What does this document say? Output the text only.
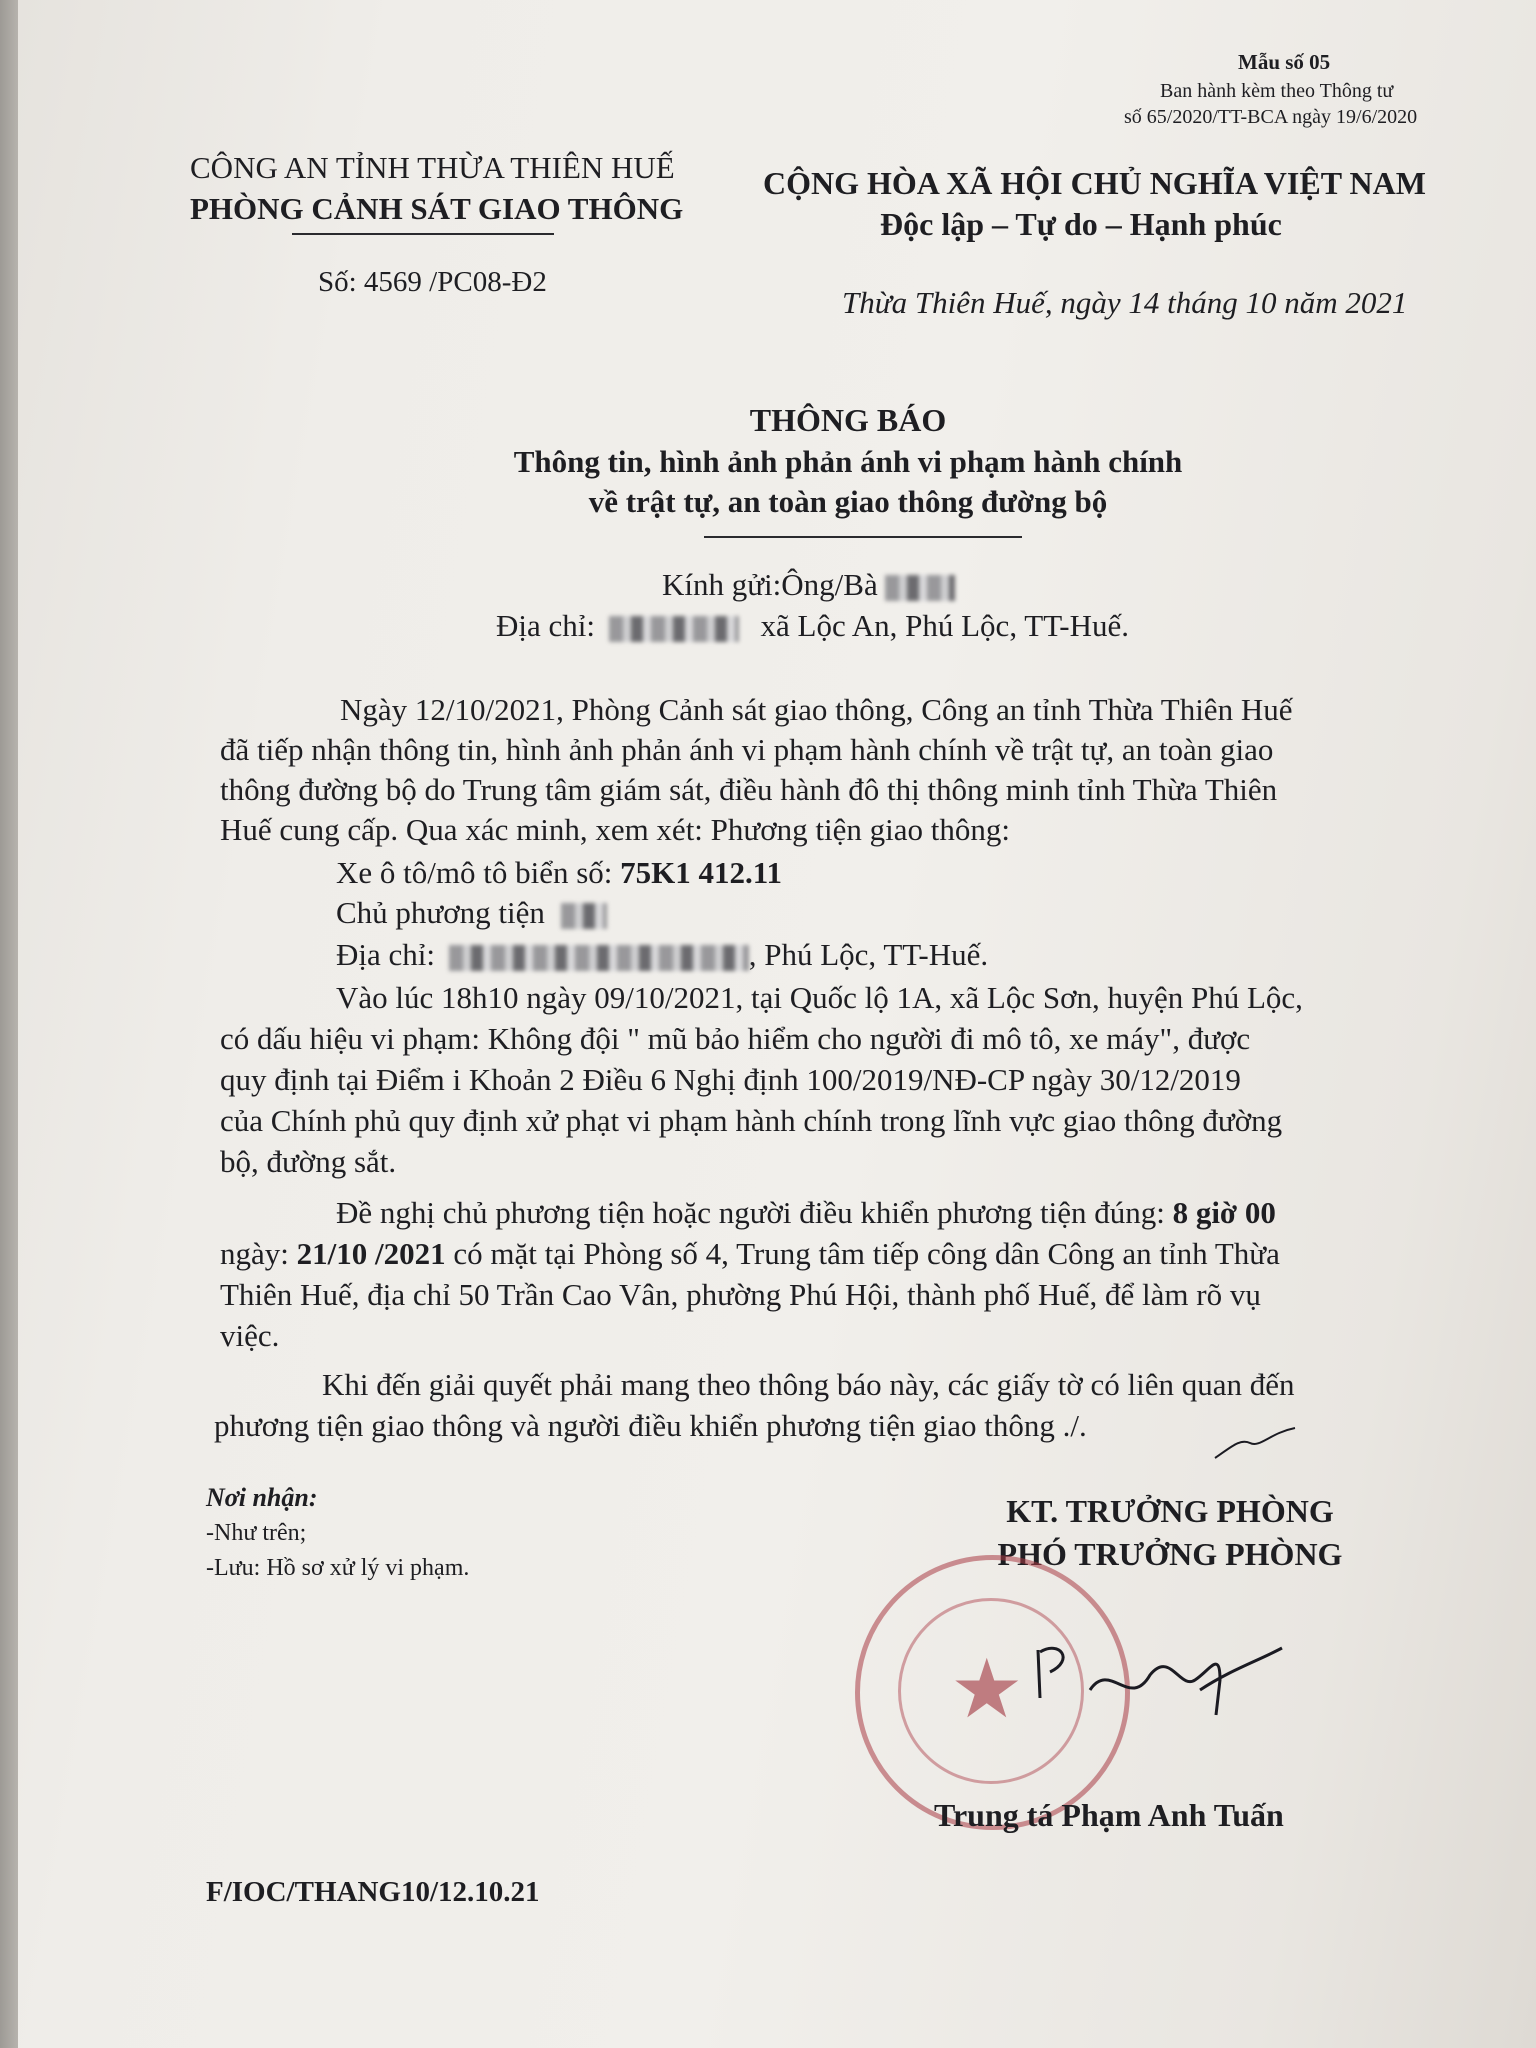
Mẫu số 05
Ban hành kèm theo Thông tư
số 65/2020/TT-BCA ngày 19/6/2020
CÔNG AN TỈNH THỪA THIÊN HUẾ
PHÒNG CẢNH SÁT GIAO THÔNG
Số: 4569 /PC08-Đ2
CỘNG HÒA XÃ HỘI CHỦ NGHĨA VIỆT NAM
Độc lập – Tự do – Hạnh phúc
Thừa Thiên Huế, ngày 14 tháng 10 năm 2021
THÔNG BÁO
Thông tin, hình ảnh phản ánh vi phạm hành chính
về trật tự, an toàn giao thông đường bộ
Kính gửi:Ông/Bà
Địa chỉ:	xã Lộc An, Phú Lộc, TT-Huế.
Ngày 12/10/2021, Phòng Cảnh sát giao thông, Công an tỉnh Thừa Thiên Huế
đã tiếp nhận thông tin, hình ảnh phản ánh vi phạm hành chính về trật tự, an toàn giao
thông đường bộ do Trung tâm giám sát, điều hành đô thị thông minh tỉnh Thừa Thiên
Huế cung cấp. Qua xác minh, xem xét: Phương tiện giao thông:
Xe ô tô/mô tô biển số: 75K1 412.11
Chủ phương tiện
Địa chỉ:	, Phú Lộc, TT-Huế.
Vào lúc 18h10 ngày 09/10/2021, tại Quốc lộ 1A, xã Lộc Sơn, huyện Phú Lộc,
có dấu hiệu vi phạm: Không đội " mũ bảo hiểm cho người đi mô tô, xe máy", được
quy định tại Điểm i Khoản 2 Điều 6 Nghị định 100/2019/NĐ-CP ngày 30/12/2019
của Chính phủ quy định xử phạt vi phạm hành chính trong lĩnh vực giao thông đường
bộ, đường sắt.
Đề nghị chủ phương tiện hoặc người điều khiển phương tiện đúng: 8 giờ 00
ngày: 21/10 /2021 có mặt tại Phòng số 4, Trung tâm tiếp công dân Công an tỉnh Thừa
Thiên Huế, địa chỉ 50 Trần Cao Vân, phường Phú Hội, thành phố Huế, để làm rõ vụ
việc.
Khi đến giải quyết phải mang theo thông báo này, các giấy tờ có liên quan đến
phương tiện giao thông và người điều khiển phương tiện giao thông ./.
Nơi nhận:
-Như trên;
-Lưu: Hồ sơ xử lý vi phạm.
KT. TRƯỞNG PHÒNG
PHÓ TRƯỞNG PHÒNG
★
Trung tá Phạm Anh Tuấn
F/IOC/THANG10/12.10.21
